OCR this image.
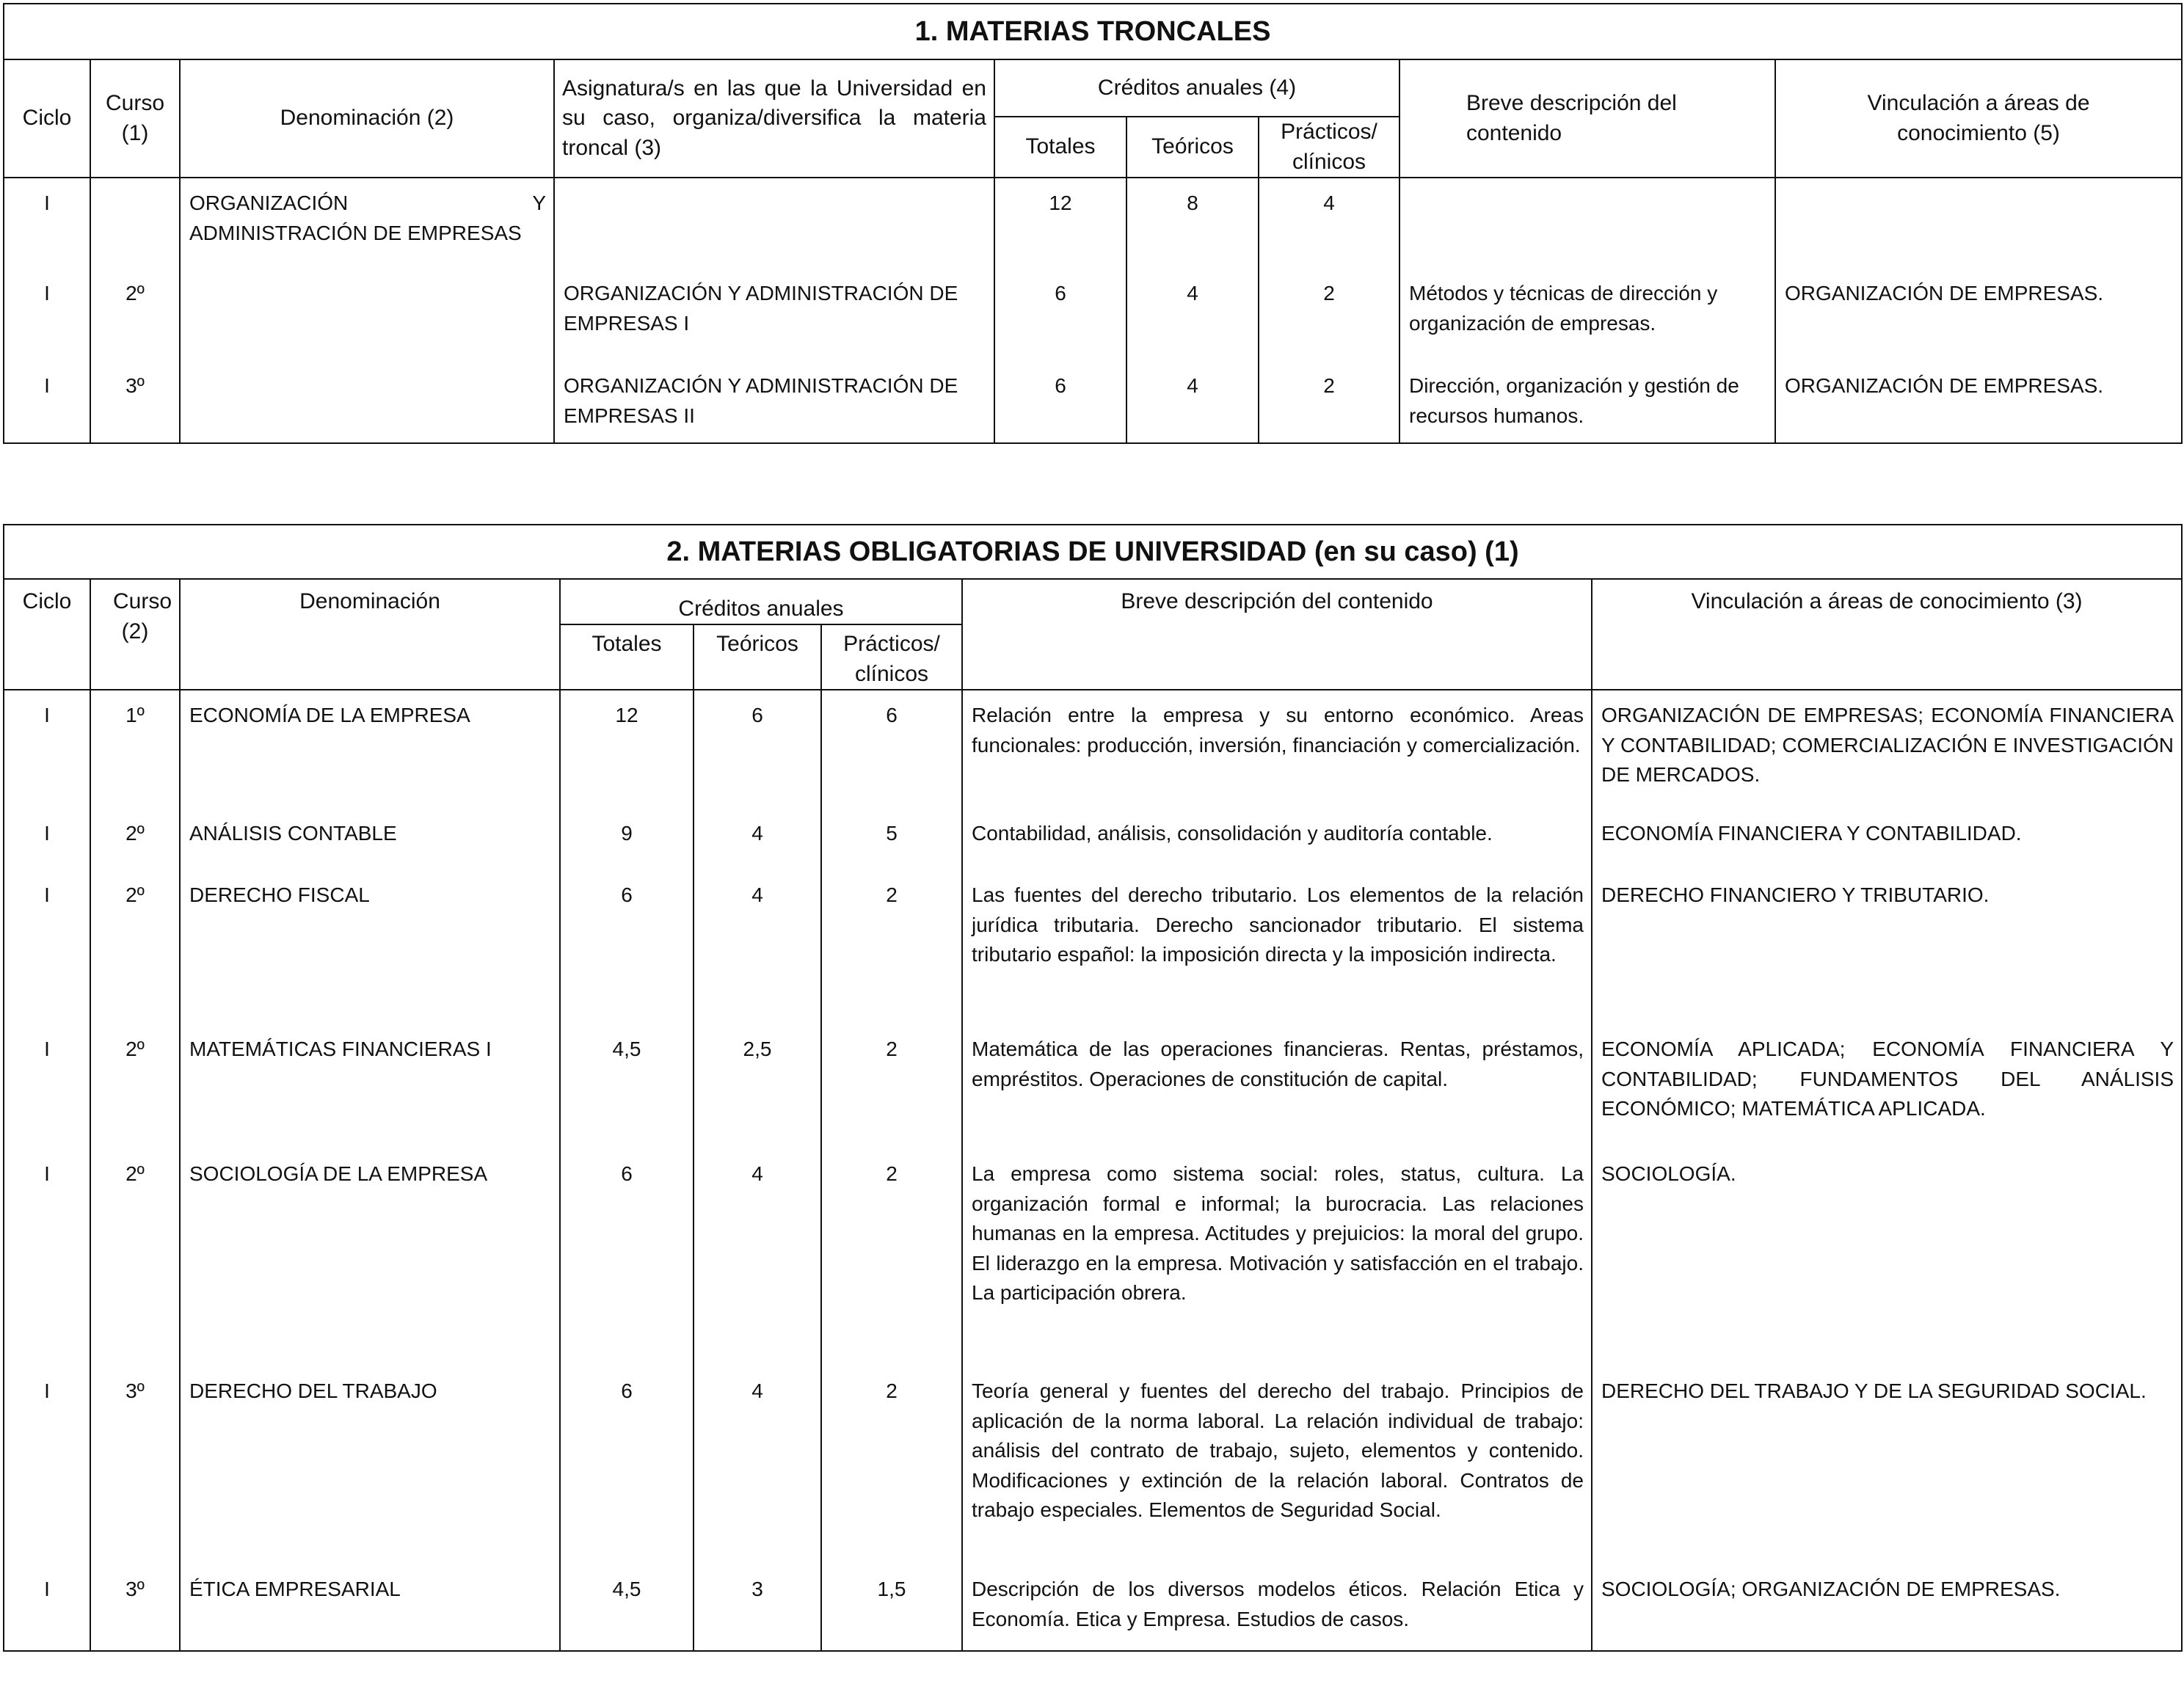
1. MATERIAS TRONCALES								
Ciclo	Curso (1)	Denominación (2)	Asignatura/s en las que la Universidad en su caso, organiza/diversifica la materia troncal (3)	Créditos anuales (4)			Breve descripción del contenido	Vinculación a áreas de conocimiento (5)
				Totales	Teóricos	Prácticos/ clínicos		
I		ORGANIZACIÓN Y ADMINISTRACIÓN DE EMPRESAS		12	8	4		
I	2º		ORGANIZACIÓN Y ADMINISTRACIÓN DE EMPRESAS I	6	4	2	Métodos y técnicas de dirección y organización de empresas.	ORGANIZACIÓN DE EMPRESAS.
I	3º		ORGANIZACIÓN Y ADMINISTRACIÓN DE EMPRESAS II	6	4	2	Dirección, organización y gestión de recursos humanos.	ORGANIZACIÓN DE EMPRESAS.
2. MATERIAS OBLIGATORIAS DE UNIVERSIDAD (en su caso) (1)							
Ciclo	Curso (2)	Denominación	Créditos anuales			Breve descripción del contenido	Vinculación a áreas de conocimiento (3)
			Totales	Teóricos	Prácticos/ clínicos		
I	1º	ECONOMÍA DE LA EMPRESA	12	6	6	Relación entre la empresa y su entorno económico. Areas funcionales: producción, inversión, financiación y comercialización.	ORGANIZACIÓN DE EMPRESAS; ECONOMÍA FINANCIERA Y CONTABILIDAD; COMERCIALIZACIÓN E INVESTIGACIÓN DE MERCADOS.
I	2º	ANÁLISIS CONTABLE	9	4	5	Contabilidad, análisis, consolidación y auditoría contable.	ECONOMÍA FINANCIERA Y CONTABILIDAD.
I	2º	DERECHO FISCAL	6	4	2	Las fuentes del derecho tributario. Los elementos de la relación jurídica tributaria. Derecho sancionador tributario. El sistema tributario español: la imposición directa y la imposición indirecta.	DERECHO FINANCIERO Y TRIBUTARIO.
I	2º	MATEMÁTICAS FINANCIERAS I	4,5	2,5	2	Matemática de las operaciones financieras. Rentas, préstamos, empréstitos. Operaciones de constitución de capital.	ECONOMÍA APLICADA; ECONOMÍA FINANCIERA Y CONTABILIDAD; FUNDAMENTOS DEL ANÁLISIS ECONÓMICO; MATEMÁTICA APLICADA.
I	2º	SOCIOLOGÍA DE LA EMPRESA	6	4	2	La empresa como sistema social: roles, status, cultura. La organización formal e informal; la burocracia. Las relaciones humanas en la empresa. Actitudes y prejuicios: la moral del grupo. El liderazgo en la empresa. Motivación y satisfacción en el trabajo. La participación obrera.	SOCIOLOGÍA.
I	3º	DERECHO DEL TRABAJO	6	4	2	Teoría general y fuentes del derecho del trabajo. Principios de aplicación de la norma laboral. La relación individual de trabajo: análisis del contrato de trabajo, sujeto, elementos y contenido. Modificaciones y extinción de la relación laboral. Contratos de trabajo especiales. Elementos de Seguridad Social.	DERECHO DEL TRABAJO Y DE LA SEGURIDAD SOCIAL.
I	3º	ÉTICA EMPRESARIAL	4,5	3	1,5	Descripción de los diversos modelos éticos. Relación Etica y Economía. Etica y Empresa. Estudios de casos.	SOCIOLOGÍA; ORGANIZACIÓN DE EMPRESAS.
